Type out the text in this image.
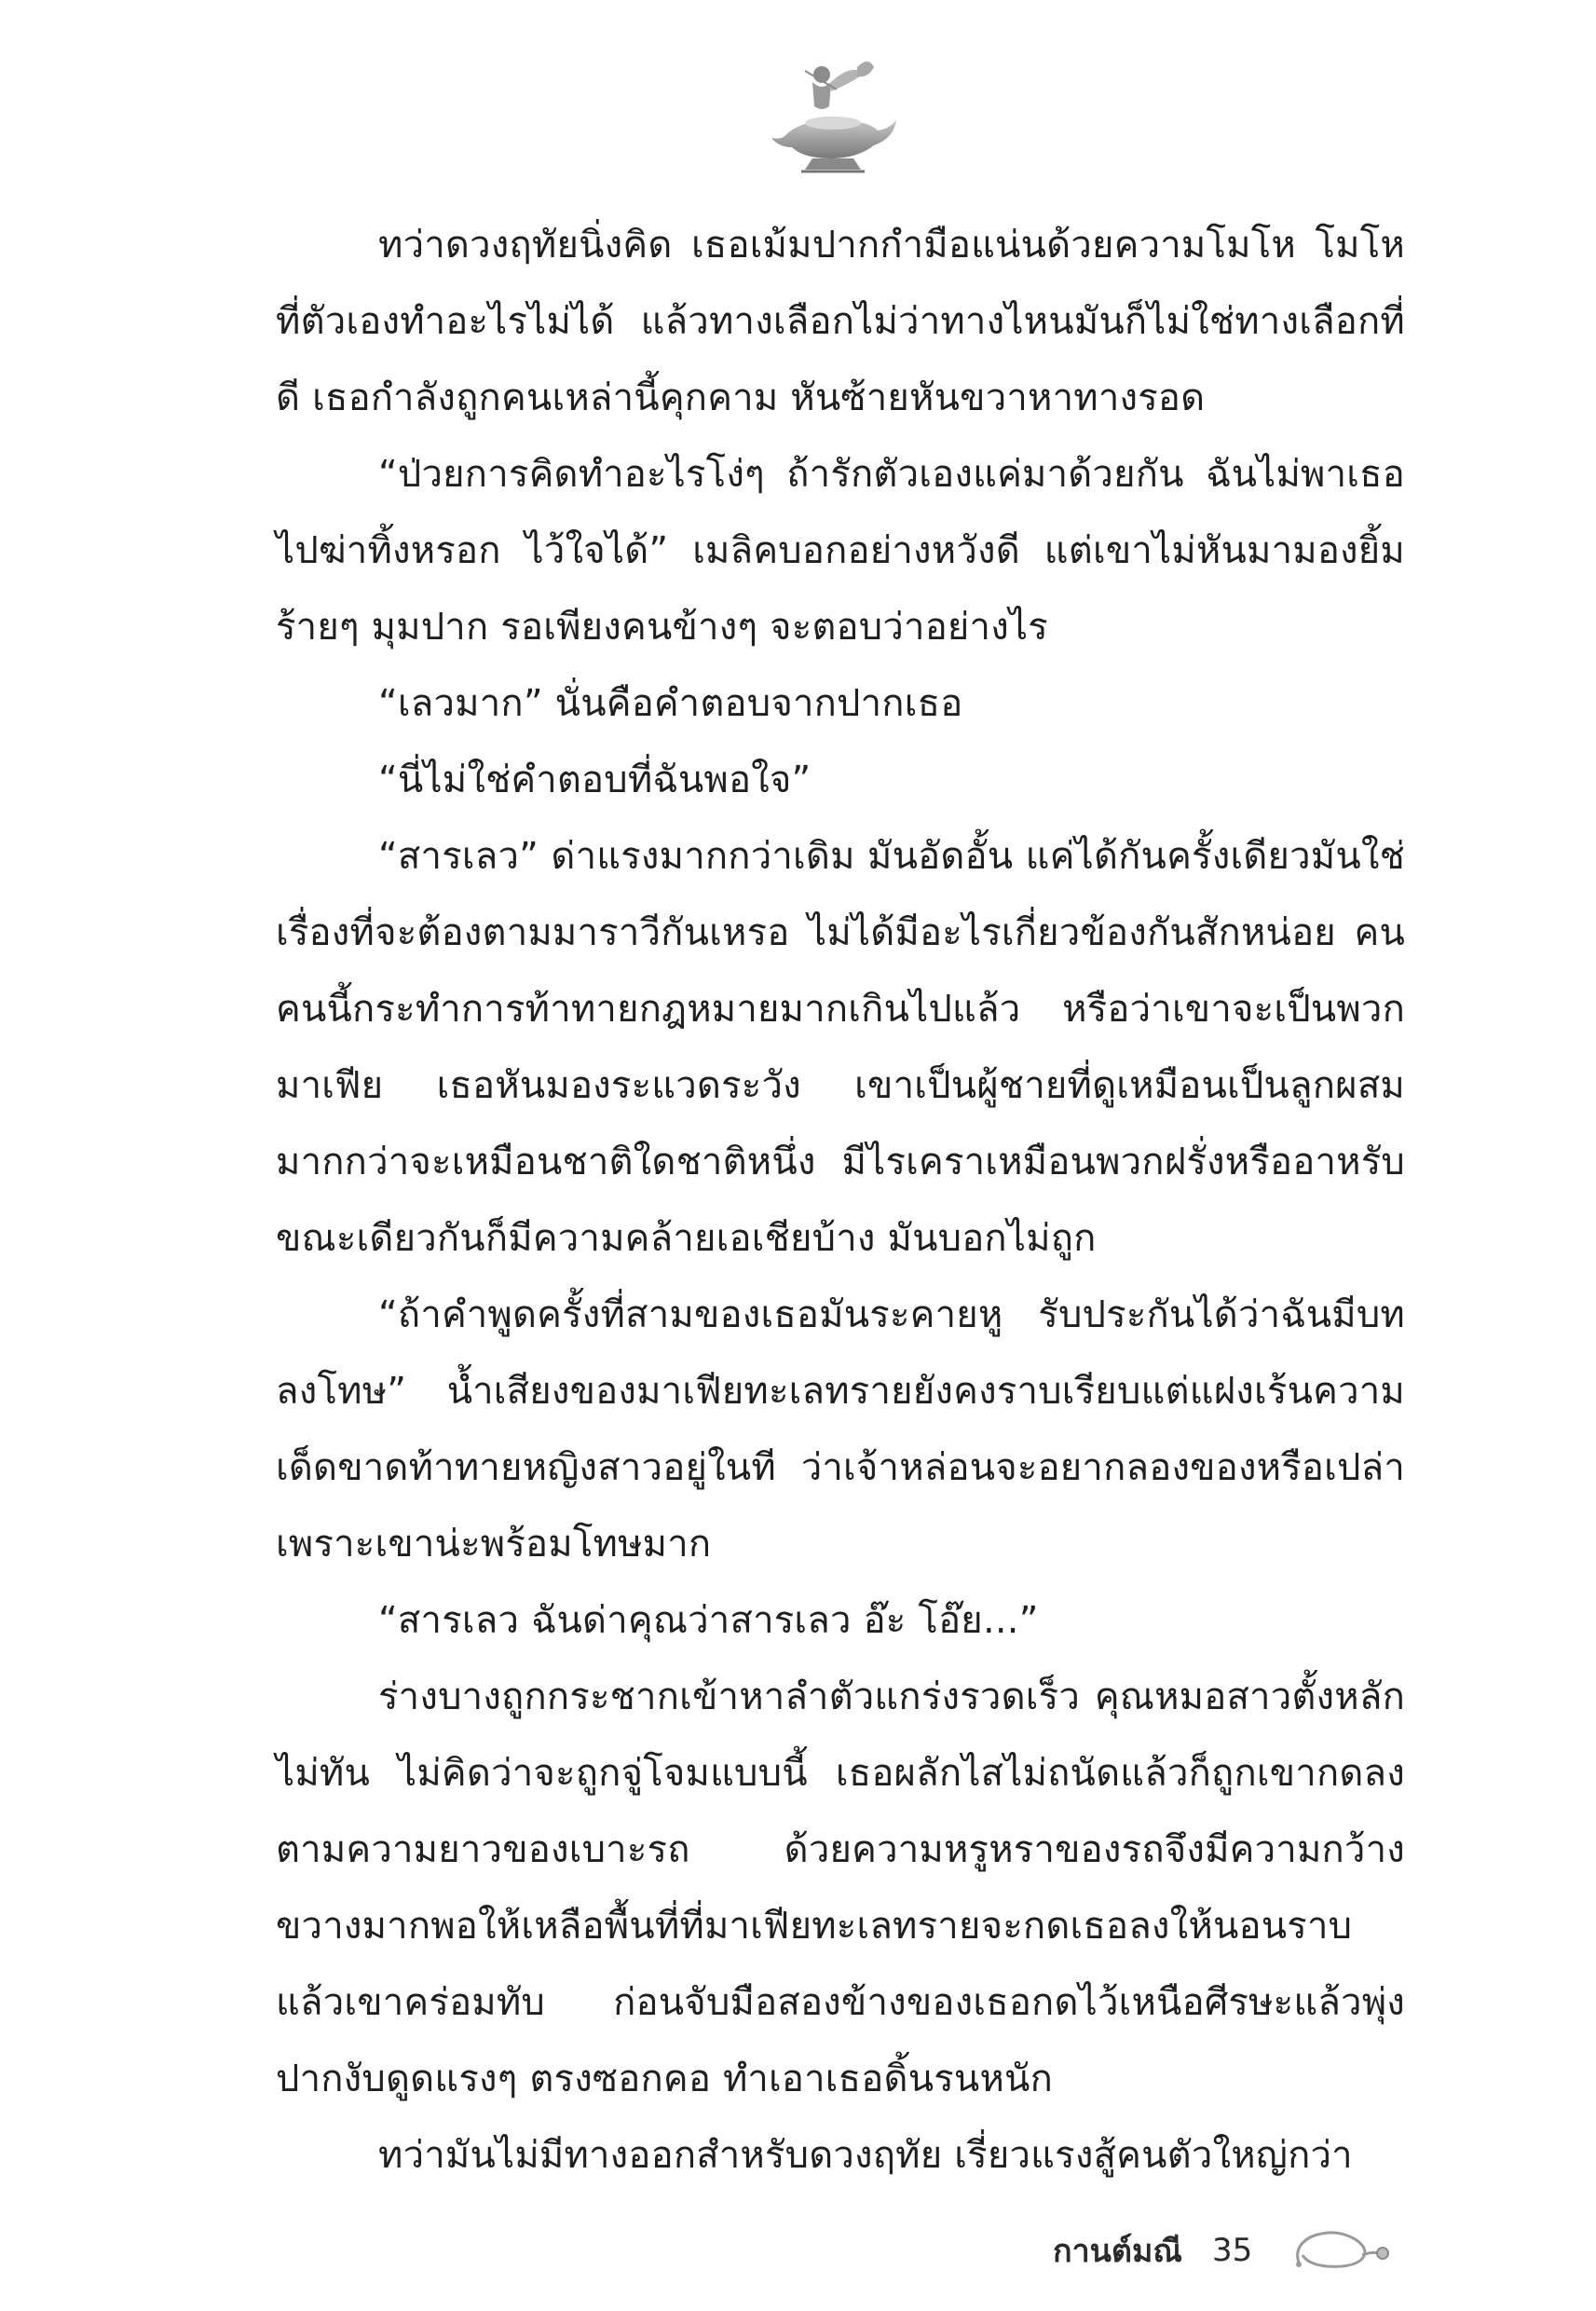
ทว่าดวงฤทัยนิ่งคิด เธอเม้มปากกำมือแน่นด้วยความโมโห โมโหที่ตัวเองทำอะไรไม่ได้ แล้วทางเลือกไม่ว่าทางไหนมันก็ไม่ใช่ทางเลือกที่ดี เธอกำลังถูกคนเหล่านี้คุกคาม หันซ้ายหันขวาหาทางรอด

“ป่วยการคิดทำอะไรโง่ๆ ถ้ารักตัวเองแค่มาด้วยกัน ฉันไม่พาเธอไปฆ่าทิ้งหรอก ไว้ใจได้” เมลิคบอกอย่างหวังดี แต่เขาไม่หันมามองยิ้มร้ายๆ มุมปาก รอเพียงคนข้างๆ จะตอบว่าอย่างไร

“เลวมาก” นั่นคือคำตอบจากปากเธอ

“นี่ไม่ใช่คำตอบที่ฉันพอใจ”

“สารเลว” ด่าแรงมากกว่าเดิม มันอัดอั้น แค่ได้กันครั้งเดียวมันใช่เรื่องที่จะต้องตามมาราวีกันเหรอ ไม่ได้มีอะไรเกี่ยวข้องกันสักหน่อย คนคนนี้กระทำการท้าทายกฎหมายมากเกินไปแล้ว หรือว่าเขาจะเป็นพวกมาเฟีย เธอหันมองระแวดระวัง เขาเป็นผู้ชายที่ดูเหมือนเป็นลูกผสมมากกว่าจะเหมือนชาติใดชาติหนึ่ง มีไรเคราเหมือนพวกฝรั่งหรืออาหรับ ขณะเดียวกันก็มีความคล้ายเอเชียบ้าง มันบอกไม่ถูก

“ถ้าคำพูดครั้งที่สามของเธอมันระคายหู รับประกันได้ว่าฉันมีบทลงโทษ” น้ำเสียงของมาเฟียทะเลทรายยังคงราบเรียบแต่แฝงเร้นความเด็ดขาดท้าทายหญิงสาวอยู่ในที ว่าเจ้าหล่อนจะอยากลองของหรือเปล่า เพราะเขาน่ะพร้อมโทษมาก

“สารเลว ฉันด่าคุณว่าสารเลว อ๊ะ โอ๊ย...”

ร่างบางถูกกระชากเข้าหาลำตัวแกร่งรวดเร็ว คุณหมอสาวตั้งหลักไม่ทัน ไม่คิดว่าจะถูกจู่โจมแบบนี้ เธอผลักไสไม่ถนัดแล้วก็ถูกเขากดลงตามความยาวของเบาะรถ ด้วยความหรูหราของรถจึงมีความกว้างขวางมากพอให้เหลือพื้นที่ที่มาเฟียทะเลทรายจะกดเธอลงให้นอนราบแล้วเขาคร่อมทับ ก่อนจับมือสองข้างของเธอกดไว้เหนือศีรษะแล้วพุ่งปากงับดูดแรงๆ ตรงซอกคอ ทำเอาเธอดิ้นรนหนัก

ทว่ามันไม่มีทางออกสำหรับดวงฤทัย เรี่ยวแรงสู้คนตัวใหญ่กว่า

กานต์มณี 35
